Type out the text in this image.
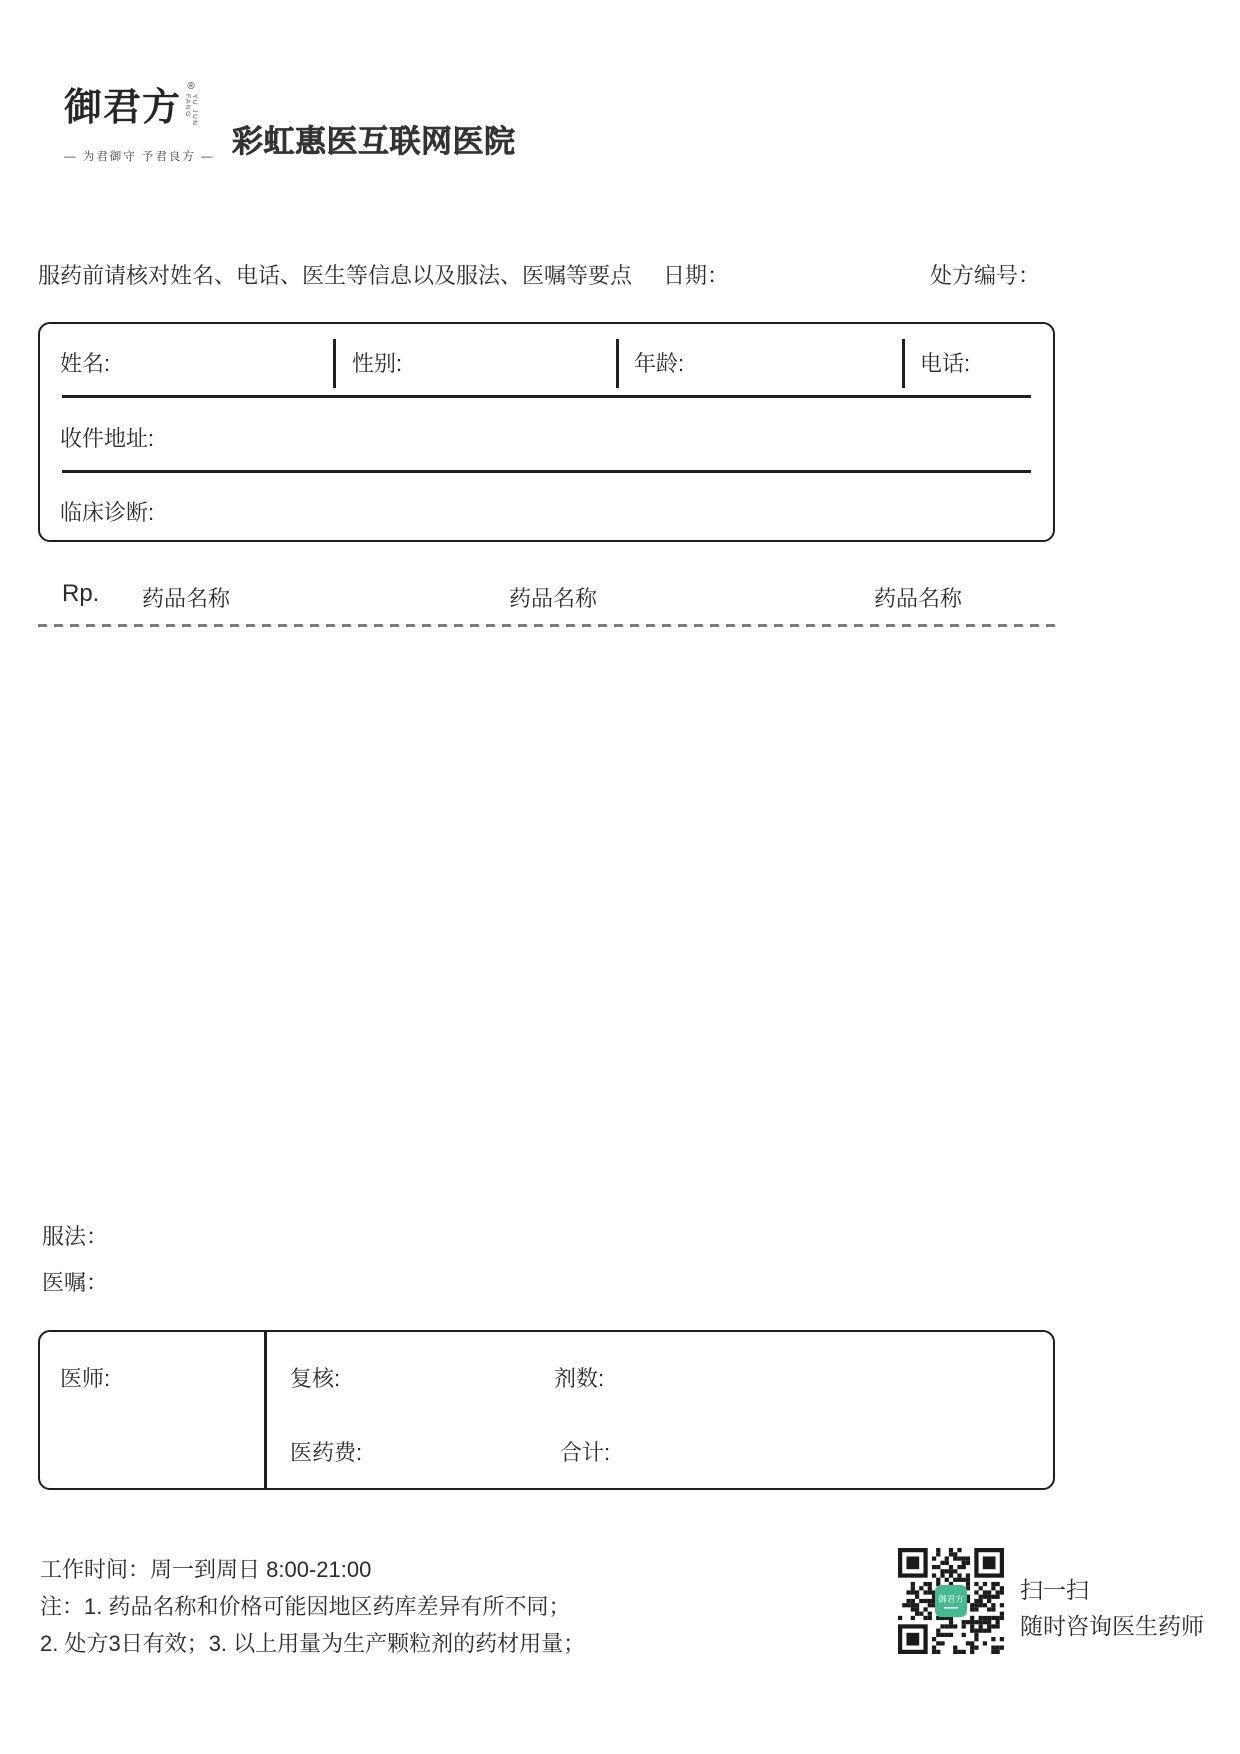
御君方 ®
YU JUN FANG
— 为君御守 予君良方 — 彩虹惠医互联网医院
服药前请核对姓名、电话、医生等信息以及服法、医嘱等要点 日期：	处方编号：
姓名:	性别:	年龄:	电话:
收件地址:
临床诊断:
Rp. 药品名称	药品名称	药品名称
服法：
医嘱：
医师:	复核:	剂数:
医药费:	合计:
工作时间：周一到周日 8:00-21:00
注：1. 药品名称和价格可能因地区药库差异有所不同；
2. 处方3日有效；3. 以上用量为生产颗粒剂的药材用量；
御君方 扫一扫
随时咨询医生药师
